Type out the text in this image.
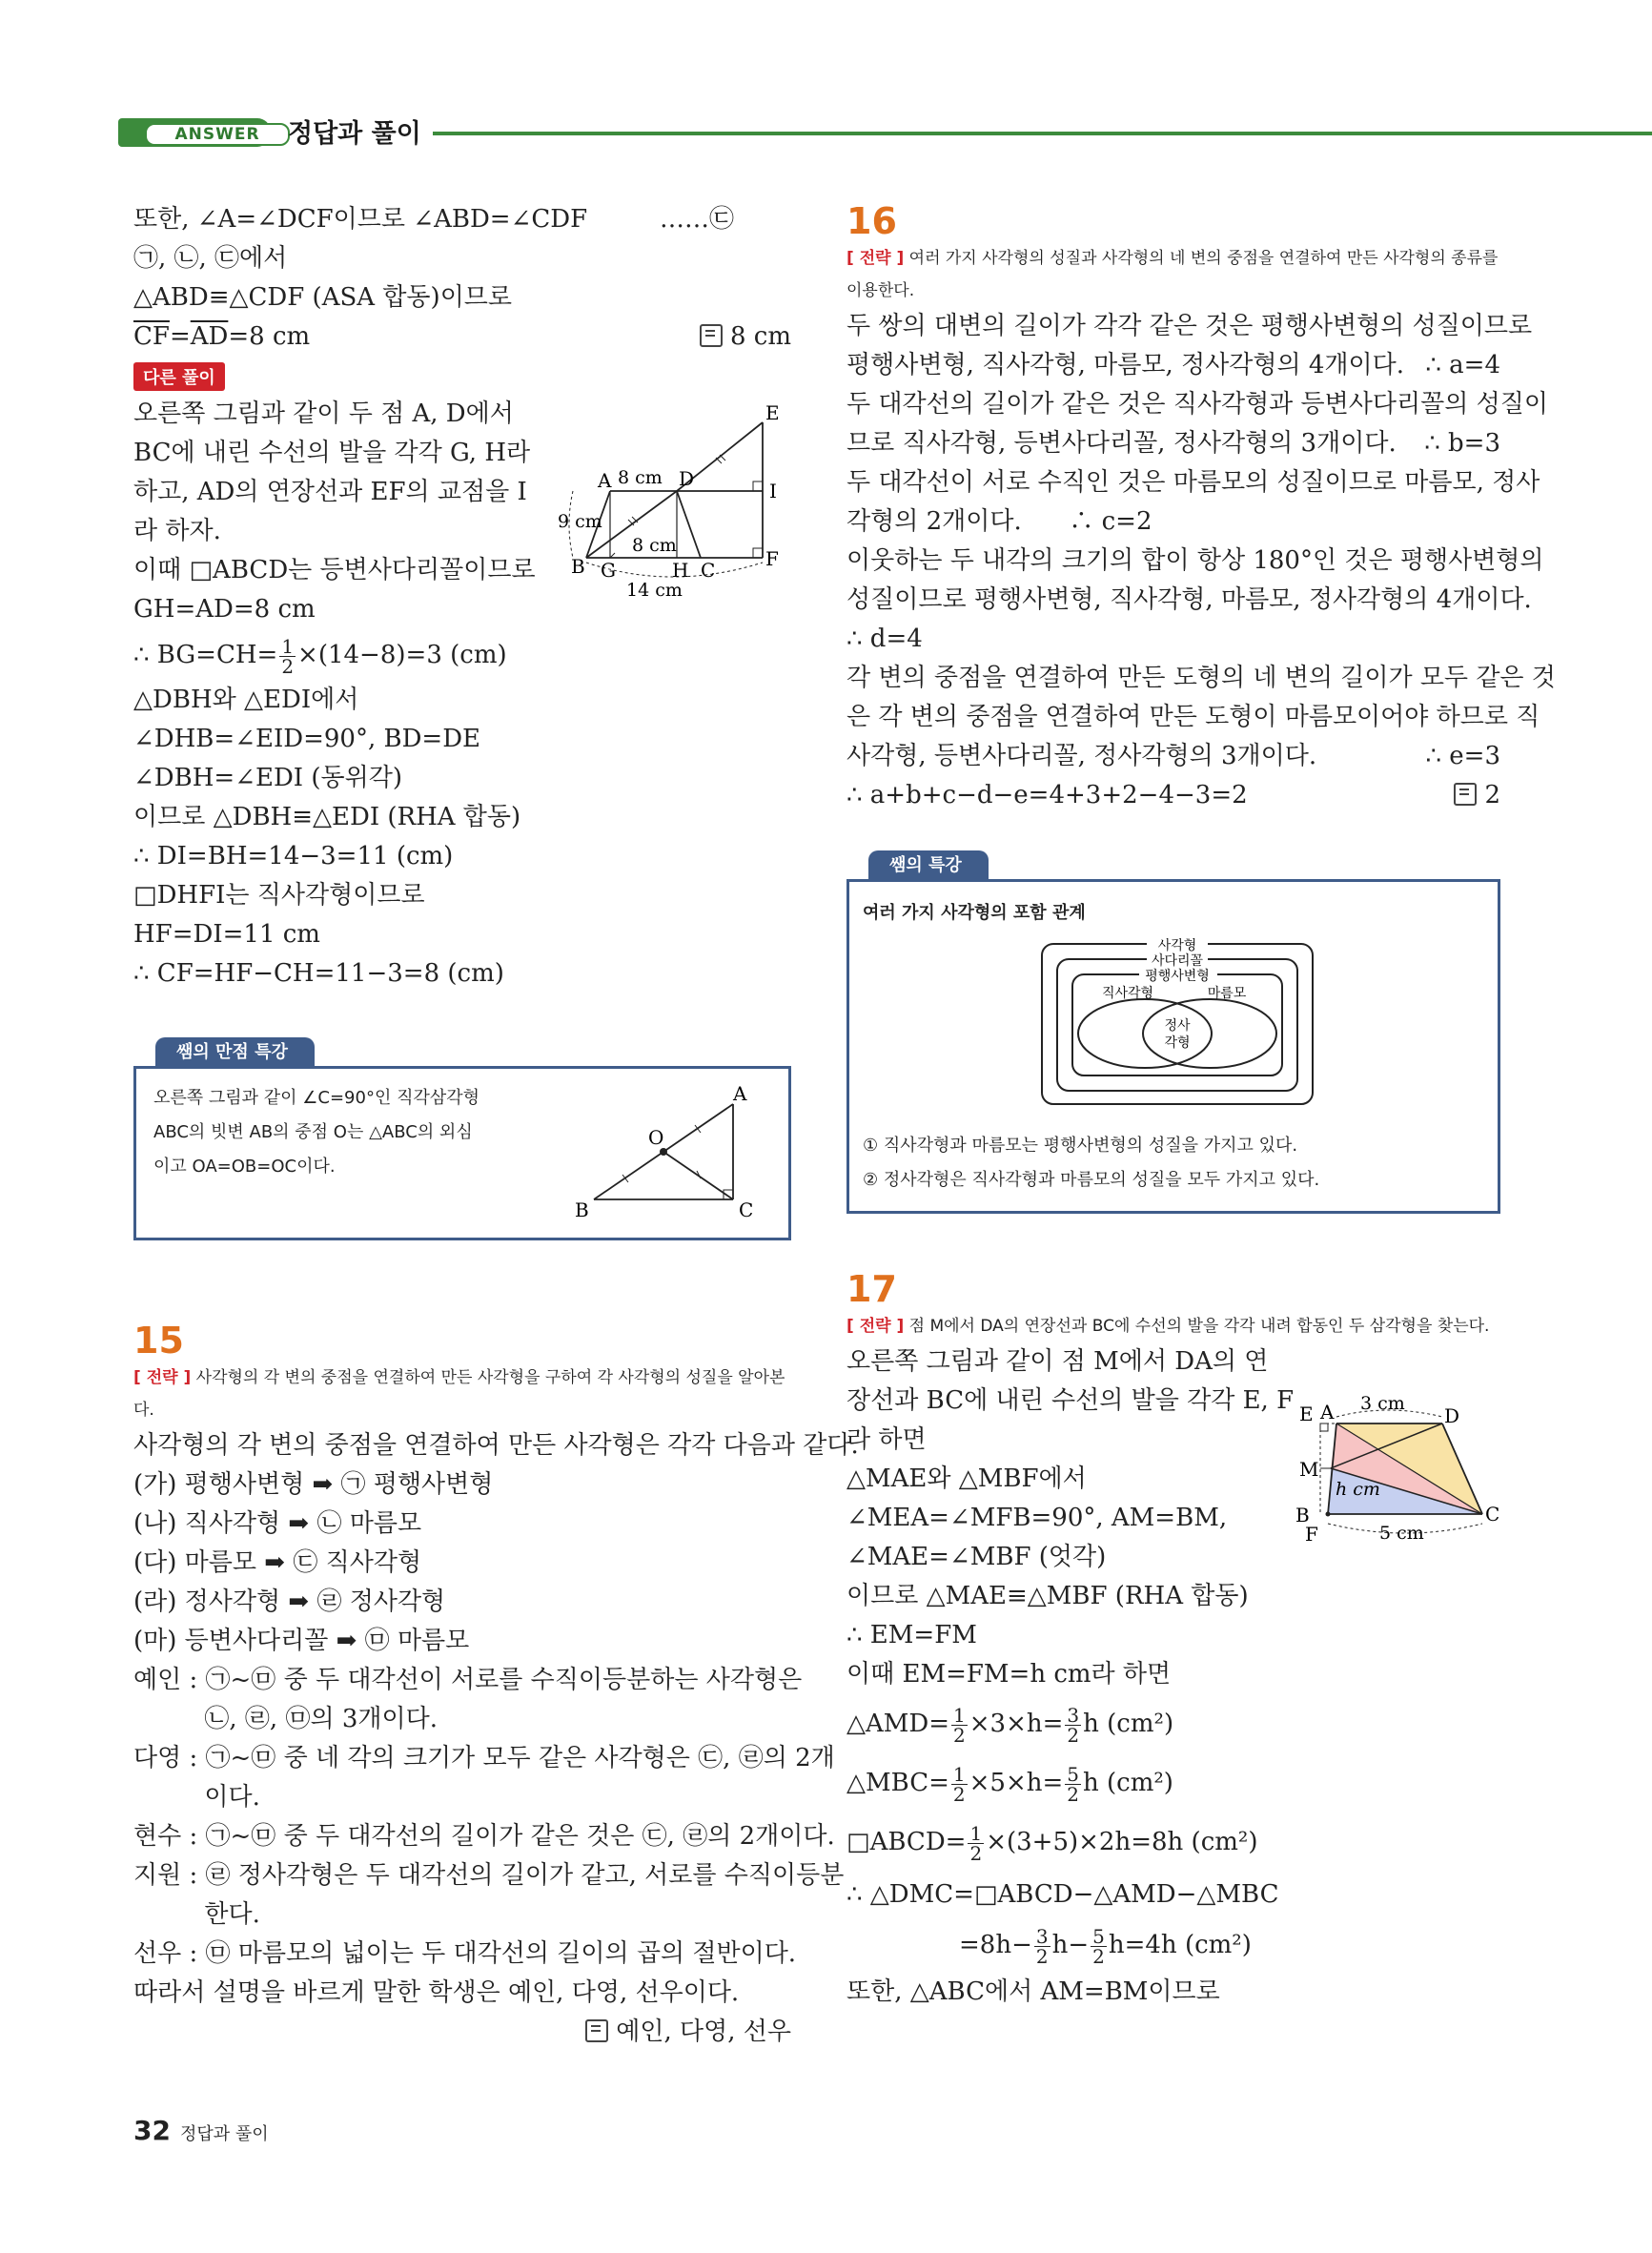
ANSWER	정답과 풀이
또한, ∠A=∠DCF이므로 ∠ABD=∠CDF	……㉢
㉠, ㉡, ㉢에서
△ABD≡△CDF (ASA 합동)이므로
$\overline{CF}=\overline{AD}=8$ cm	8 cm
다른 풀이
오른쪽 그림과 같이 두 점 A, D에서
BC에 내린 수선의 발을 각각 G, H라
하고, AD의 연장선과 EF의 교점을 I
라 하자.
이때 □ABCD는 등변사다리꼴이므로
GH=AD=8 cm
∴ $BG=CH= \frac{1}{2} \times(14-8)=3$ (cm)
△DBH와 △EDI에서
∠DHB=∠EID=90°, BD=DE
∠DBH=∠EDI (동위각)
이므로 △DBH≡△EDI (RHA 합동)
∴ DI=BH=14−3=11 (cm)
□DHFI는 직사각형이므로
HF=DI=11 cm
∴ CF=HF−CH=11−3=8 (cm)
E
A 8 cm D
I
9 cm
8 cm
F
B G	H C
14 cm
쌤의 만점 특강
오른쪽 그림과 같이 ∠C=90°인 직각삼각형
ABC의 빗변 AB의 중점 O는 △ABC의 외심
이고 OA=OB=OC이다.
A
O
B	C
15
[ 전략 ] 사각형의 각 변의 중점을 연결하여 만든 사각형을 구하여 각 사각형의 성질을 알아본다.
사각형의 각 변의 중점을 연결하여 만든 사각형은 각각 다음과 같다.
(가) 평행사변형 ➡ ㉠ 평행사변형
(나) 직사각형 ➡ ㉡ 마름모
(다) 마름모 ➡ ㉢ 직사각형
(라) 정사각형 ➡ ㉣ 정사각형
(마) 등변사다리꼴 ➡ ㉤ 마름모
예인 : ㉠~㉤ 중 두 대각선이 서로를 수직이등분하는 사각형은
㉡, ㉣, ㉤의 3개이다.
다영 : ㉠~㉤ 중 네 각의 크기가 모두 같은 사각형은 ㉢, ㉣의 2개
이다.
현수 : ㉠~㉤ 중 두 대각선의 길이가 같은 것은 ㉢, ㉣의 2개이다.
지원 : ㉣ 정사각형은 두 대각선의 길이가 같고, 서로를 수직이등분
한다.
선우 : ㉤ 마름모의 넓이는 두 대각선의 길이의 곱의 절반이다.
따라서 설명을 바르게 말한 학생은 예인, 다영, 선우이다.
예인, 다영, 선우

16
[ 전략 ] 여러 가지 사각형의 성질과 사각형의 네 변의 중점을 연결하여 만든 사각형의 종류를 이용한다.
두 쌍의 대변의 길이가 각각 같은 것은 평행사변형의 성질이므로
평행사변형, 직사각형, 마름모, 정사각형의 4개이다. ∴ a=4
두 대각선의 길이가 같은 것은 직사각형과 등변사다리꼴의 성질이
므로 직사각형, 등변사다리꼴, 정사각형의 3개이다. ∴ b=3
두 대각선이 서로 수직인 것은 마름모의 성질이므로 마름모, 정사
각형의 2개이다.      ∴ c=2
이웃하는 두 내각의 크기의 합이 항상 180°인 것은 평행사변형의
성질이므로 평행사변형, 직사각형, 마름모, 정사각형의 4개이다.
∴ d=4
각 변의 중점을 연결하여 만든 도형의 네 변의 길이가 모두 같은 것
은 각 변의 중점을 연결하여 만든 도형이 마름모이어야 하므로 직
사각형, 등변사다리꼴, 정사각형의 3개이다.	∴ e=3
∴ a+b+c−d−e=4+3+2−4−3=2	2
쌤의 특강
여러 가지 사각형의 포함 관계
사각형
사다리꼴
평행사변형
직사각형	마름모
정사
각형
① 직사각형과 마름모는 평행사변형의 성질을 가지고 있다.
② 정사각형은 직사각형과 마름모의 성질을 모두 가지고 있다.
17
[ 전략 ] 점 M에서 DA의 연장선과 BC에 수선의 발을 각각 내려 합동인 두 삼각형을 찾는다.
오른쪽 그림과 같이 점 M에서 DA의 연
장선과 BC에 내린 수선의 발을 각각 E, F
라 하면
△MAE와 △MBF에서
∠MEA=∠MFB=90°, AM=BM,
∠MAE=∠MBF (엇각)
이므로 △MAE≡△MBF (RHA 합동)
∴ EM=FM
이때 EM=FM=h cm라 하면
△AMD= $\frac{1}{2} \times 3\times h= \frac{3}{2}$ h (cm²)
△MBC= $\frac{1}{2} \times 5\times h= \frac{5}{2}$ h (cm²)
□ABCD= $\frac{1}{2} \times(3+5)\times 2h=8h$ (cm²)
∴ △DMC=□ABCD−△AMD−△MBC
$=8h- \frac{3}{2} h- \frac{5}{2} h=4h$ (cm²)
또한, △ABC에서 AM=BM이므로
E A 3 cm
D
M
h cm
B
F	5 cm
C
32 정답과 풀이
